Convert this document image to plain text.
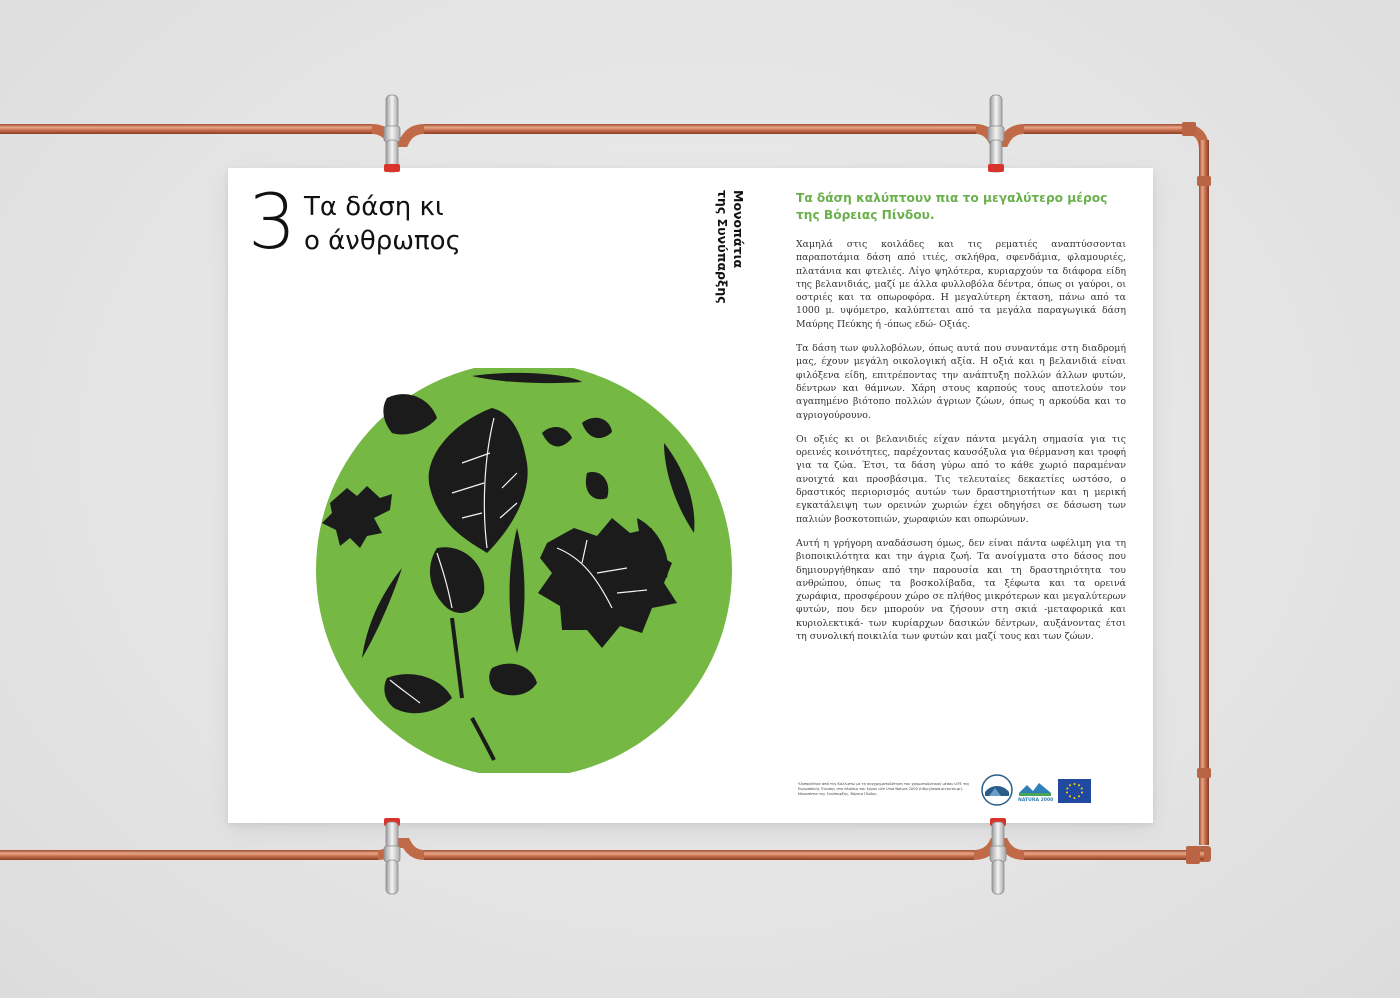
3 Τα δάση κι
ο άνθρωπος	Μονοπάτια
της Συνύπαρξης	Τα δάση καλύπτουν πια το μεγαλύτερο μέρος της Βόρειας Πίνδου.

Χαμηλά στις κοιλάδες και τις ρεματιές αναπτύσσονται παραποτάμια δάση από ιτιές, σκλήθρα, σφενδάμια, φλαμουριές, πλατάνια και φτελιές. Λίγο ψηλότερα, κυριαρχούν τα διάφορα είδη της βελανιδιάς, μαζί με άλλα φυλλοβόλα δέντρα, όπως οι γαύροι, οι οστριές και τα οπωροφόρα. Η μεγαλύτερη έκταση, πάνω από τα 1000 μ. υψόμετρο, καλύπτεται από τα μεγάλα παραγωγικά δάση Μαύρης Πεύκης ή -όπως εδώ- Οξιάς.

Τα δάση των φυλλοβόλων, όπως αυτά που συναντάμε στη διαδρομή μας, έχουν μεγάλη οικολογική αξία. Η οξιά και η βελανιδιά είναι φιλόξενα είδη, επιτρέποντας την ανάπτυξη πολλών άλλων φυτών, δέντρων και θάμνων. Χάρη στους καρπούς τους αποτελούν τον αγαπημένο βιότοπο πολλών άγριων ζώων, όπως η αρκούδα και το αγριογούρουνο.

Οι οξιές κι οι βελανιδιές είχαν πάντα μεγάλη σημασία για τις ορεινές κοινότητες, παρέχοντας καυσόξυλα για θέρμανση και τροφή για τα ζώα. Έτσι, τα δάση γύρω από το κάθε χωριό παραμέναν ανοιχτά και προσβάσιμα. Τις τελευταίες δεκαετίες ωστόσο, ο δραστικός περιορισμός αυτών των δραστηριοτήτων και η μερική εγκατάλειψη των ορεινών χωριών έχει οδηγήσει σε δάσωση των παλιών βοσκοτοπιών, χωραφιών και οπωρώνων.

Αυτή η γρήγορη αναδάσωση όμως, δεν είναι πάντα ωφέλιμη για τη βιοποικιλότητα και την άγρια ζωή. Τα ανοίγματα στο δάσος που δημιουργήθηκαν από την παρουσία και τη δραστηριότητα του ανθρώπου, όπως τα βοσκολίβαδα, τα ξέφωτα και τα ορεινά χωράφια, προσφέρουν χώρο σε πλήθος μικρότερων και μεγαλύτερων φυτών, που δεν μπορούν να ζήσουν στη σκιά -μεταφορικά και κυριολεκτικά- των κυρίαρχων δασικών δέντρων, αυξάνοντας έτσι τη συνολική ποικιλία των φυτών και μαζί τους και των ζώων.

Υλοποιήθηκε από την Καλλιστώ με τη συγχρηματοδότηση του χρηματοδοτικού μέσου LIFE της Ευρωπαϊκής Ένωσης στο πλαίσιο του έργου Life Ursa Natura 2000 (http://www.arcturos.gr). Μονοπάτια της Συνύπαρξης, Βόρεια Πίνδος.
NATURA 2000
